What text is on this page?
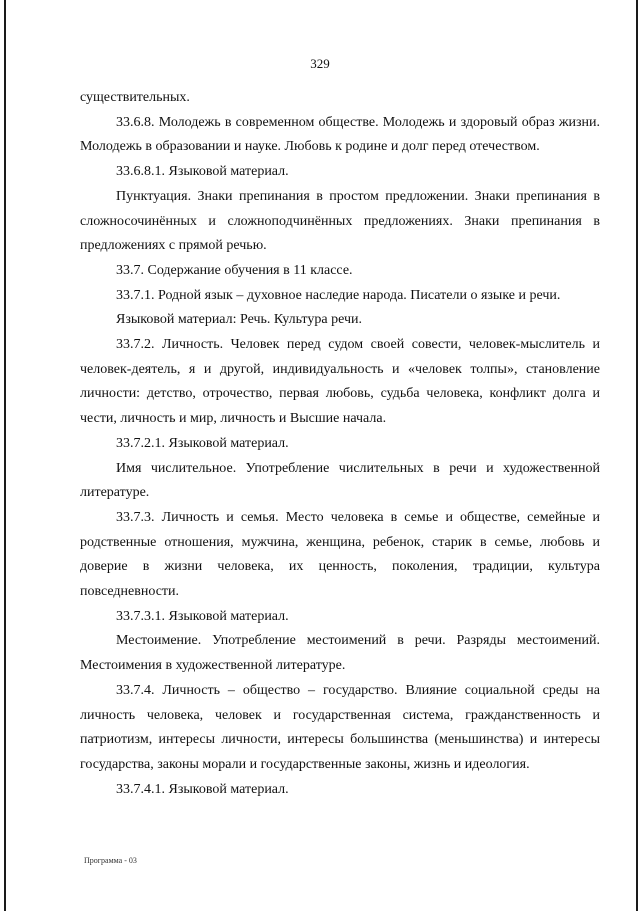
329

существительных.

33.6.8. Молодежь в современном обществе. Молодежь и здоровый образ жизни. Молодежь в образовании и науке. Любовь к родине и долг перед отечеством.

33.6.8.1. Языковой материал.

Пунктуация. Знаки препинания в простом предложении. Знаки препинания в сложносочинённых и сложноподчинённых предложениях. Знаки препинания в предложениях с прямой речью.

33.7. Содержание обучения в 11 классе.

33.7.1. Родной язык – духовное наследие народа. Писатели о языке и речи.

Языковой материал: Речь. Культура речи.

33.7.2. Личность. Человек перед судом своей совести, человек-мыслитель и человек-деятель, я и другой, индивидуальность и «человек толпы», становление личности: детство, отрочество, первая любовь, судьба человека, конфликт долга и чести, личность и мир, личность и Высшие начала.

33.7.2.1. Языковой материал.

Имя числительное. Употребление числительных в речи и художественной литературе.

33.7.3. Личность и семья. Место человека в семье и обществе, семейные и родственные отношения, мужчина, женщина, ребенок, старик в семье, любовь и доверие в жизни человека, их ценность, поколения, традиции, культура повседневности.

33.7.3.1. Языковой материал.

Местоимение. Употребление местоимений в речи. Разряды местоимений. Местоимения в художественной литературе.

33.7.4. Личность – общество – государство. Влияние социальной среды на личность человека, человек и государственная система, гражданственность и патриотизм, интересы личности, интересы большинства (меньшинства) и интересы государства, законы морали и государственные законы, жизнь и идеология.

33.7.4.1. Языковой материал.

Программа - 03
